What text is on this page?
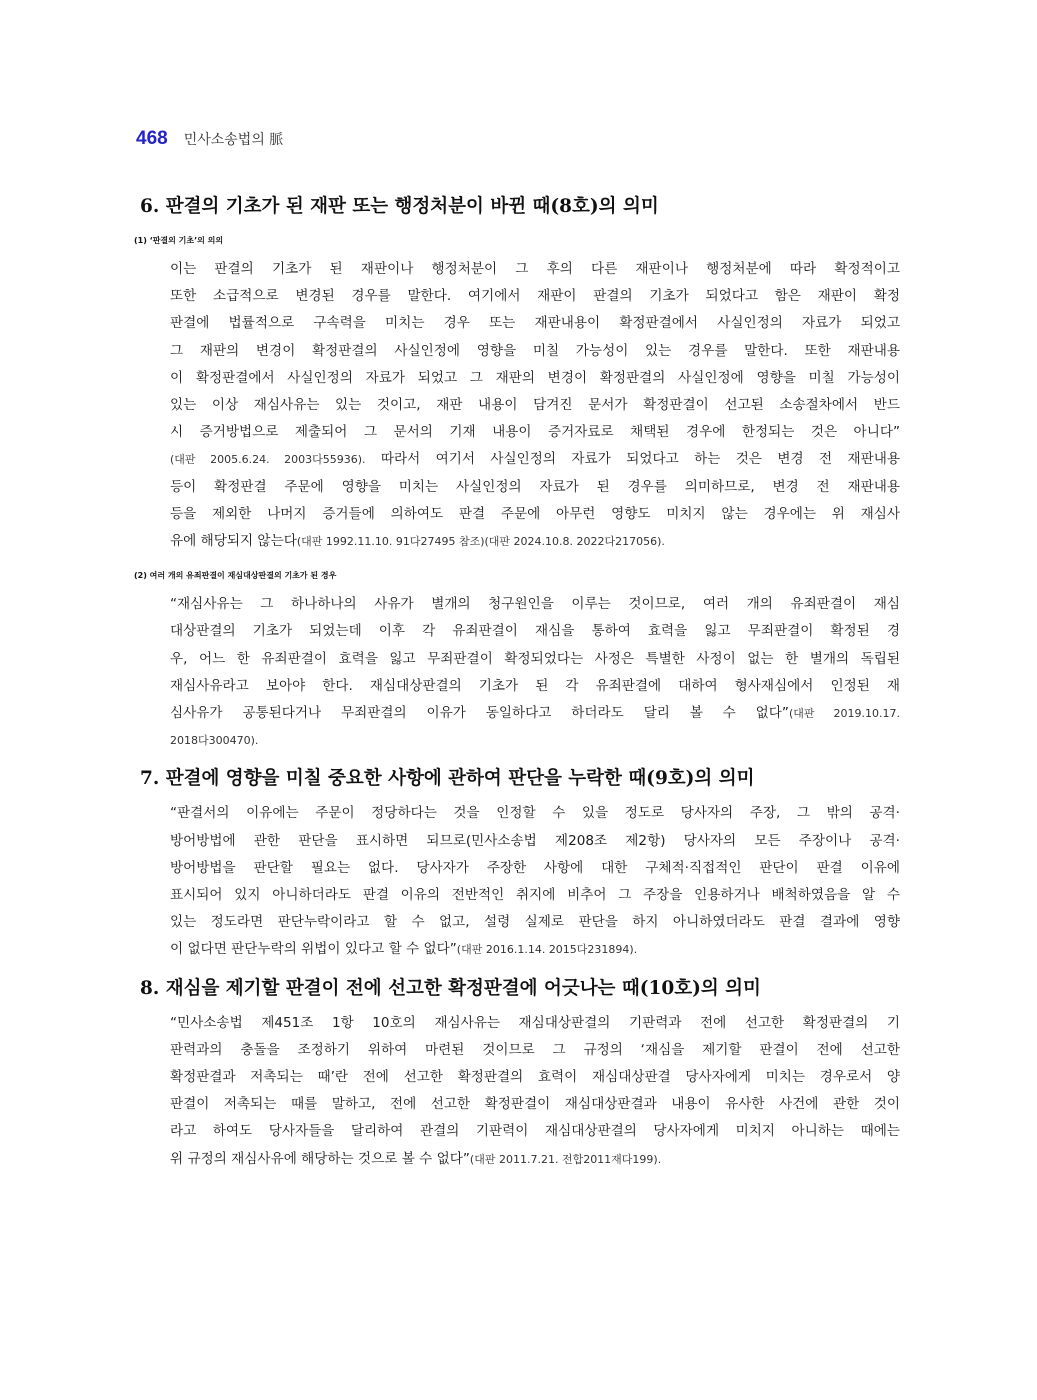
468 민사소송법의 脈
6. 판결의 기초가 된 재판 또는 행정처분이 바뀐 때(8호)의 의미
(1) ‘판결의 기초’의 의의

이는 판결의 기초가 된 재판이나 행정처분이 그 후의 다른 재판이나 행정처분에 따라 확정적이고
또한 소급적으로 변경된 경우를 말한다. 여기에서 재판이 판결의 기초가 되었다고 함은 재판이 확정
판결에 법률적으로 구속력을 미치는 경우 또는 재판내용이 확정판결에서 사실인정의 자료가 되었고
그 재판의 변경이 확정판결의 사실인정에 영향을 미칠 가능성이 있는 경우를 말한다. 또한 재판내용
이 확정판결에서 사실인정의 자료가 되었고 그 재판의 변경이 확정판결의 사실인정에 영향을 미칠 가능성이
있는 이상 재심사유는 있는 것이고, 재판 내용이 담겨진 문서가 확정판결이 선고된 소송절차에서 반드
시 증거방법으로 제출되어 그 문서의 기재 내용이 증거자료로 채택된 경우에 한정되는 것은 아니다”
(대판 2005.6.24. 2003다55936). 따라서 여기서 사실인정의 자료가 되었다고 하는 것은 변경 전 재판내용
등이 확정판결 주문에 영향을 미치는 사실인정의 자료가 된 경우를 의미하므로, 변경 전 재판내용
등을 제외한 나머지 증거들에 의하여도 판결 주문에 아무런 영향도 미치지 않는 경우에는 위 재심사
유에 해당되지 않는다(대판 1992.11.10. 91다27495 참조)(대판 2024.10.8. 2022다217056).

(2) 여러 개의 유죄판결이 재심대상판결의 기초가 된 경우

“재심사유는 그 하나하나의 사유가 별개의 청구원인을 이루는 것이므로, 여러 개의 유죄판결이 재심
대상판결의 기초가 되었는데 이후 각 유죄판결이 재심을 통하여 효력을 잃고 무죄판결이 확정된 경
우, 어느 한 유죄판결이 효력을 잃고 무죄판결이 확정되었다는 사정은 특별한 사정이 없는 한 별개의 독립된
재심사유라고 보아야 한다. 재심대상판결의 기초가 된 각 유죄판결에 대하여 형사재심에서 인정된 재
심사유가 공통된다거나 무죄판결의 이유가 동일하다고 하더라도 달리 볼 수 없다”(대판 2019.10.17.
2018다300470).

7. 판결에 영향을 미칠 중요한 사항에 관하여 판단을 누락한 때(9호)의 의미

“판결서의 이유에는 주문이 정당하다는 것을 인정할 수 있을 정도로 당사자의 주장, 그 밖의 공격·
방어방법에 관한 판단을 표시하면 되므로(민사소송법 제208조 제2항) 당사자의 모든 주장이나 공격·
방어방법을 판단할 필요는 없다. 당사자가 주장한 사항에 대한 구체적·직접적인 판단이 판결 이유에
표시되어 있지 아니하더라도 판결 이유의 전반적인 취지에 비추어 그 주장을 인용하거나 배척하였음을 알 수
있는 정도라면 판단누락이라고 할 수 없고, 설령 실제로 판단을 하지 아니하였더라도 판결 결과에 영향
이 없다면 판단누락의 위법이 있다고 할 수 없다”(대판 2016.1.14. 2015다231894).

8. 재심을 제기할 판결이 전에 선고한 확정판결에 어긋나는 때(10호)의 의미

“민사소송법 제451조 1항 10호의 재심사유는 재심대상판결의 기판력과 전에 선고한 확정판결의 기
판력과의 충돌을 조정하기 위하여 마련된 것이므로 그 규정의 ‘재심을 제기할 판결이 전에 선고한
확정판결과 저촉되는 때’란 전에 선고한 확정판결의 효력이 재심대상판결 당사자에게 미치는 경우로서 양
판결이 저촉되는 때를 말하고, 전에 선고한 확정판결이 재심대상판결과 내용이 유사한 사건에 관한 것이
라고 하여도 당사자들을 달리하여 관결의 기판력이 재심대상판결의 당사자에게 미치지 아니하는 때에는
위 규정의 재심사유에 해당하는 것으로 볼 수 없다”(대판 2011.7.21. 전합2011재다199).
